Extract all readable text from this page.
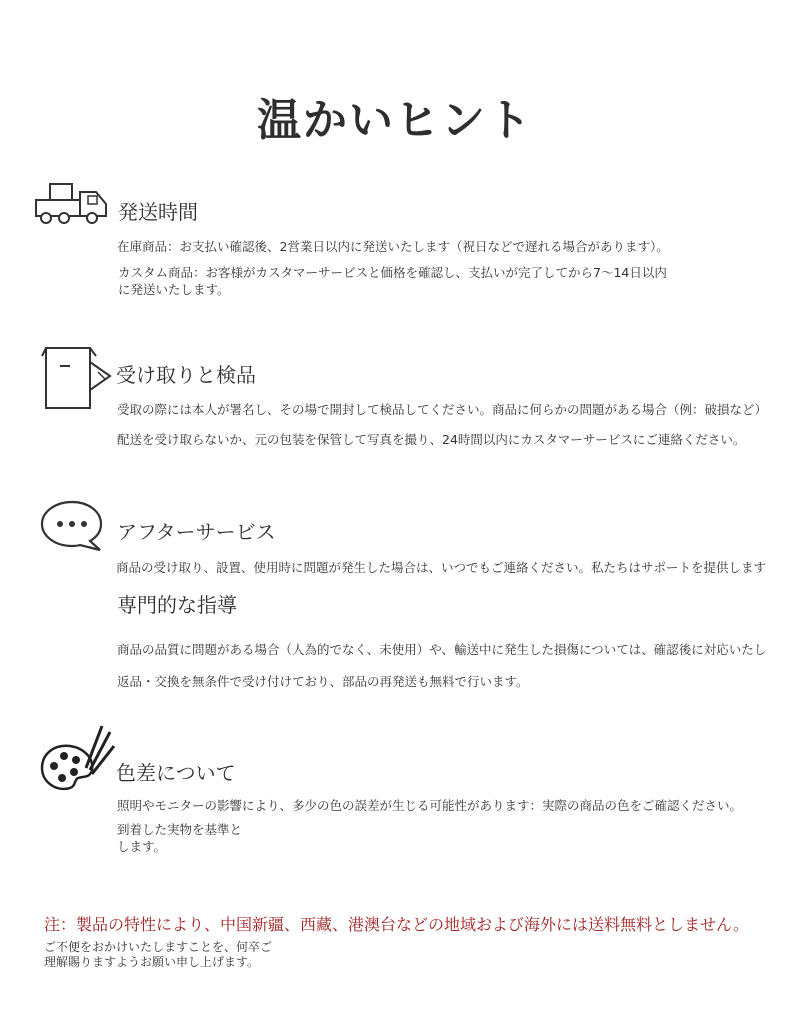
温かいヒント
発送時間
在庫商品：お支払い確認後、2営業日以内に発送いたします（祝日などで遅れる場合があります）。
カスタム商品：お客様がカスタマーサービスと価格を確認し、支払いが完了してから7〜14日以内
に発送いたします。
受け取りと検品
受取の際には本人が署名し、その場で開封して検品してください。商品に何らかの問題がある場合（例：破損など）
配送を受け取らないか、元の包装を保管して写真を撮り、24時間以内にカスタマーサービスにご連絡ください。
アフターサービス
商品の受け取り、設置、使用時に問題が発生した場合は、いつでもご連絡ください。私たちはサポートを提供します
専門的な指導
商品の品質に問題がある場合（人為的でなく、未使用）や、輸送中に発生した損傷については、確認後に対応いたし
返品・交換を無条件で受け付けており、部品の再発送も無料で行います。
色差について
照明やモニターの影響により、多少の色の誤差が生じる可能性があります：実際の商品の色をご確認ください。
到着した実物を基準と
します。
注：製品の特性により、中国新疆、西藏、港澳台などの地域および海外には送料無料としません。
ご不便をおかけいたしますことを、何卒ご
理解賜りますようお願い申し上げます。
